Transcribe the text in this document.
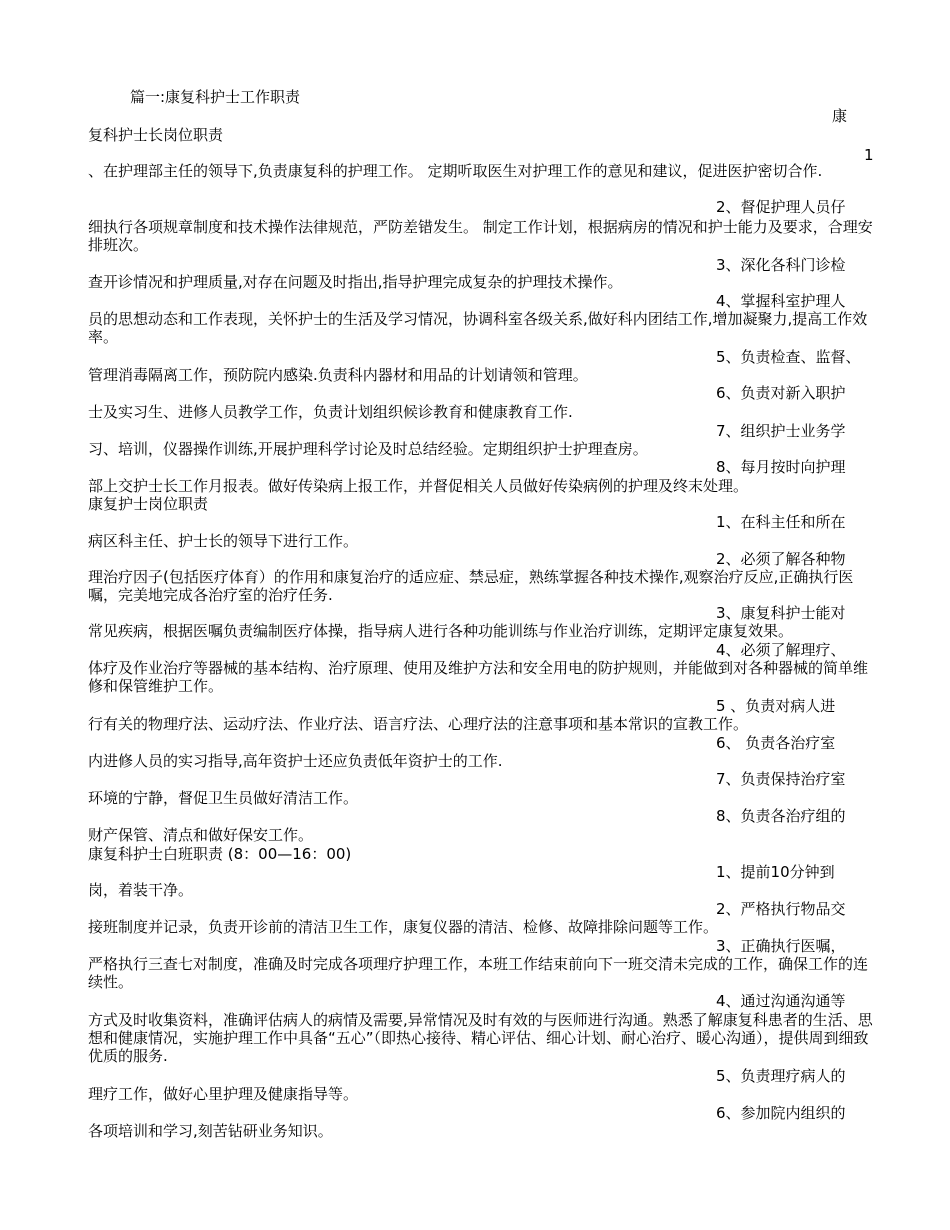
篇一:康复科护士工作职责
1
康
复科护士长岗位职责
、在护理部主任的领导下,负责康复科的护理工作。 定期听取医生对护理工作的意见和建议，促进医护密切合作.
2、督促护理人员仔
细执行各项规章制度和技术操作法律规范，严防差错发生。 制定工作计划，根据病房的情况和护士能力及要求，合理安排班次。
3、深化各科门诊检
查开诊情况和护理质量,对存在问题及时指出,指导护理完成复杂的护理技术操作。
4、掌握科室护理人
员的思想动态和工作表现，关怀护士的生活及学习情况，协调科室各级关系,做好科内团结工作,增加凝聚力,提高工作效率。
5、负责检查、监督、
管理消毒隔离工作，预防院内感染.负责科内器材和用品的计划请领和管理。
6、负责对新入职护
士及实习生、进修人员教学工作，负责计划组织候诊教育和健康教育工作.
7、组织护士业务学
习、培训，仪器操作训练,开展护理科学讨论及时总结经验。定期组织护士护理查房。
8、每月按时向护理
部上交护士长工作月报表。做好传染病上报工作，并督促相关人员做好传染病例的护理及终末处理。
康复护士岗位职责
1、在科主任和所在
病区科主任、护士长的领导下进行工作。
2、必须了解各种物
理治疗因子(包括医疗体育）的作用和康复治疗的适应症、禁忌症，熟练掌握各种技术操作,观察治疗反应,正确执行医嘱，完美地完成各治疗室的治疗任务.
3、康复科护士能对
常见疾病，根据医嘱负责编制医疗体操，指导病人进行各种功能训练与作业治疗训练，定期评定康复效果。
4、必须了解理疗、
体疗及作业治疗等器械的基本结构、治疗原理、使用及维护方法和安全用电的防护规则，并能做到对各种器械的简单维修和保管维护工作。
5 、负责对病人进
行有关的物理疗法、运动疗法、作业疗法、语言疗法、心理疗法的注意事项和基本常识的宣教工作。
6、 负责各治疗室
内进修人员的实习指导,高年资护士还应负责低年资护士的工作.
7、负责保持治疗室
环境的宁静，督促卫生员做好清洁工作。
8、负责各治疗组的
财产保管、清点和做好保安工作。
康复科护士白班职责 (8：00—16：00)
1、提前10分钟到
岗，着装干净。
2、严格执行物品交
接班制度并记录，负责开诊前的清洁卫生工作，康复仪器的清洁、检修、故障排除问题等工作。
3、正确执行医嘱，
严格执行三查七对制度，准确及时完成各项理疗护理工作，本班工作结束前向下一班交清未完成的工作，确保工作的连续性。
4、通过沟通沟通等
方式及时收集资料，准确评估病人的病情及需要,异常情况及时有效的与医师进行沟通。熟悉了解康复科患者的生活、思想和健康情况，实施护理工作中具备“五心”（即热心接待、精心评估、细心计划、耐心治疗、暖心沟通），提供周到细致优质的服务.
5、负责理疗病人的
理疗工作，做好心里护理及健康指导等。
6、参加院内组织的
各项培训和学习,刻苦钻研业务知识。
